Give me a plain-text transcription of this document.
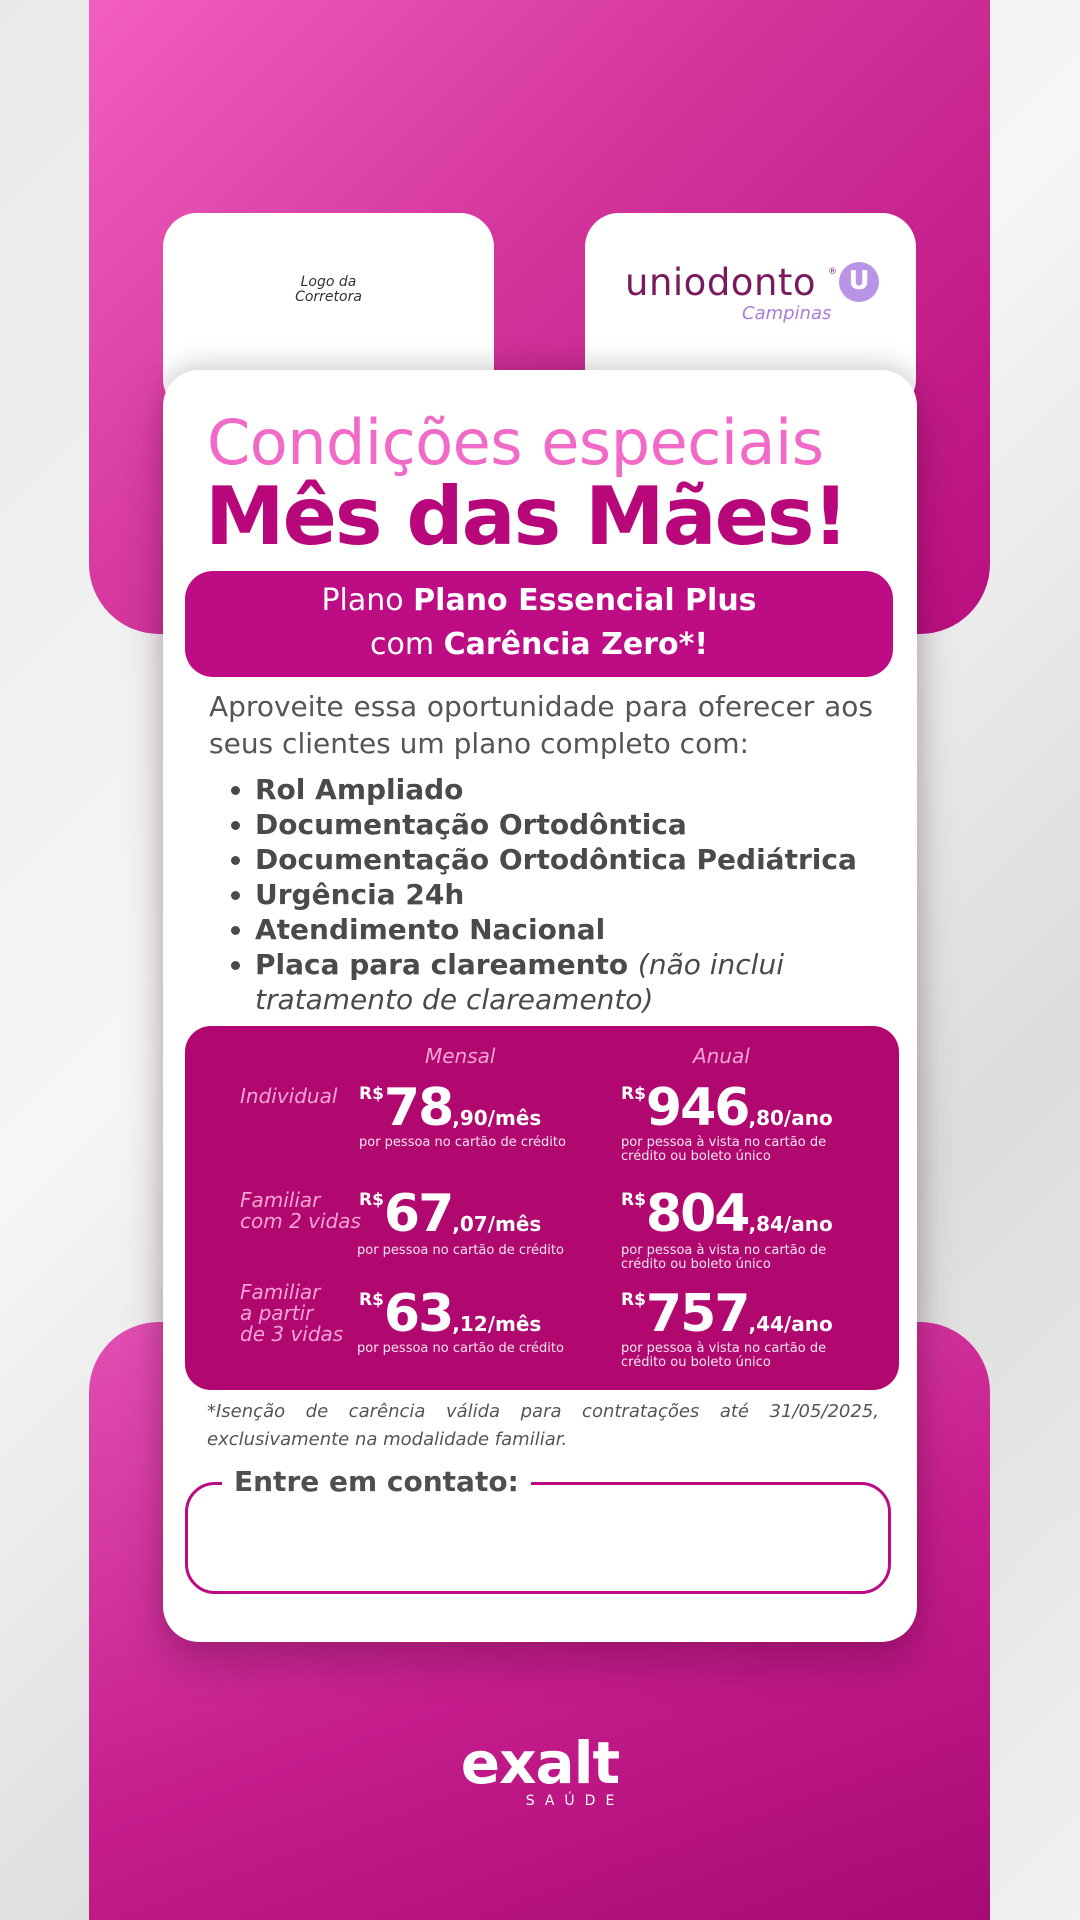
Logo da
Corretora	uniodonto ® U
Campinas
Condições especiais
Mês das Mães!
Plano Plano Essencial Plus
com Carência Zero*!
Aproveite essa oportunidade para oferecer aos seus clientes um plano completo com:
Rol Ampliado
Documentação Ortodôntica
Documentação Ortodôntica Pediátrica
Urgência 24h
Atendimento Nacional
Placa para clareamento (não inclui tratamento de clareamento)
Mensal	Anual
Individual R$78,90/mês
por pessoa no cartão de crédito
R$946,80/ano
por pessoa à vista no cartão de
crédito ou boleto único
Familiar
com 2 vidas
R$67,07/mês
por pessoa no cartão de crédito
R$804,84/ano
por pessoa à vista no cartão de
crédito ou boleto único
Familiar
a partir
de 3 vidas
R$63,12/mês
por pessoa no cartão de crédito
R$757,44/ano
por pessoa à vista no cartão de
crédito ou boleto único
*Isenção de carência válida para contratações até 31/05/2025, exclusivamente na modalidade familiar.
Entre em contato:
exalt
SAÚDE
